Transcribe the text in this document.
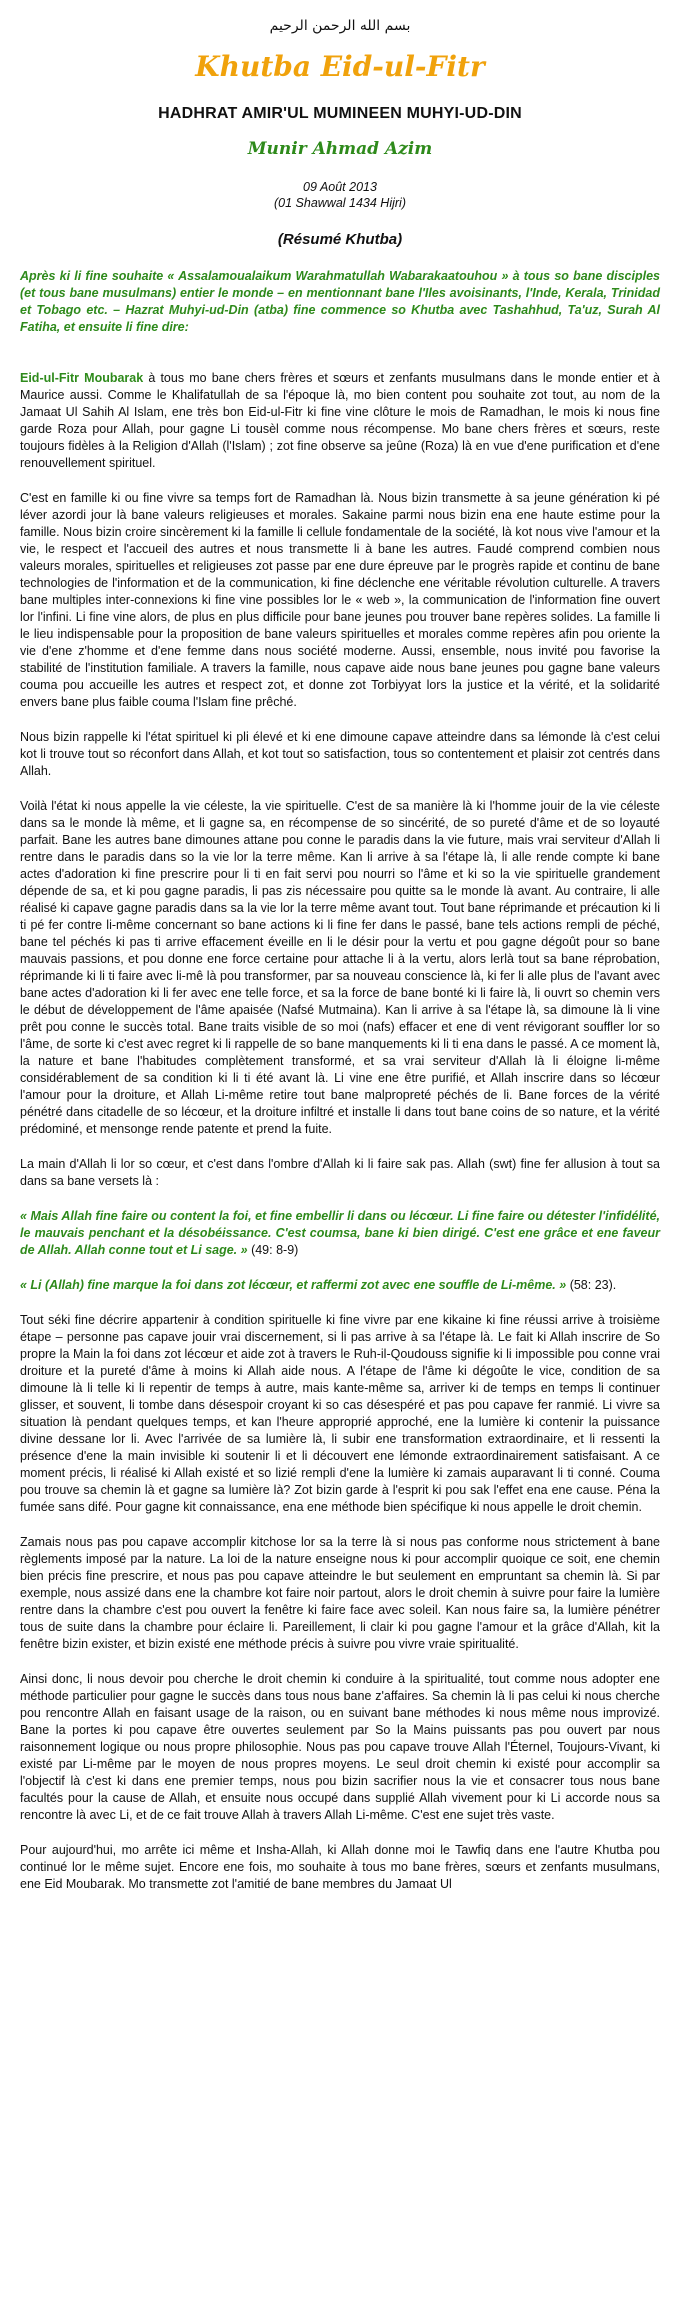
بسم الله الرحمن الرحيم
Khutba Eid-ul-Fitr
HADHRAT AMIR'UL MUMINEEN MUHYI-UD-DIN
Munir Ahmad Azim
09 Août 2013
(01 Shawwal 1434 Hijri)
(Résumé Khutba)
Après ki li fine souhaite « Assalamoualaikum Warahmatullah Wabarakaatouhou » à tous so bane disciples (et tous bane musulmans) entier le monde – en mentionnant bane l'Iles avoisinants, l'Inde, Kerala, Trinidad et Tobago etc. – Hazrat Muhyi-ud-Din (atba) fine commence so Khutba avec Tashahhud, Ta'uz, Surah Al Fatiha, et ensuite li fine dire:
Eid-ul-Fitr Moubarak à tous mo bane chers frères et sœurs et zenfants musulmans dans le monde entier et à Maurice aussi. Comme le Khalifatullah de sa l'époque là, mo bien content pou souhaite zot tout, au nom de la Jamaat Ul Sahih Al Islam, ene très bon Eid-ul-Fitr ki fine vine clôture le mois de Ramadhan, le mois ki nous fine garde Roza pour Allah, pour gagne Li tousèl comme nous récompense. Mo bane chers frères et sœurs, reste toujours fidèles à la Religion d'Allah (l'Islam) ; zot fine observe sa jeûne (Roza) là en vue d'ene purification et d'ene renouvellement spirituel.
C'est en famille ki ou fine vivre sa temps fort de Ramadhan là. Nous bizin transmette à sa jeune génération ki pé léver azordi jour là bane valeurs religieuses et morales. Sakaine parmi nous bizin ena ene haute estime pour la famille. Nous bizin croire sincèrement ki la famille li cellule fondamentale de la société, là kot nous vive l'amour et la vie, le respect et l'accueil des autres et nous transmette li à bane les autres. Faudé comprend combien nous valeurs morales, spirituelles et religieuses zot passe par ene dure épreuve par le progrès rapide et continu de bane technologies de l'information et de la communication, ki fine déclenche ene véritable révolution culturelle. A travers bane multiples inter-connexions ki fine vine possibles lor le « web », la communication de l'information fine ouvert lor l'infini. Li fine vine alors, de plus en plus difficile pour bane jeunes pou trouver bane repères solides. La famille li le lieu indispensable pour la proposition de bane valeurs spirituelles et morales comme repères afin pou oriente la vie d'ene z'homme et d'ene femme dans nous société moderne. Aussi, ensemble, nous invité pou favorise la stabilité de l'institution familiale. A travers la famille, nous capave aide nous bane jeunes pou gagne bane valeurs couma pou accueille les autres et respect zot, et donne zot Torbiyyat lors la justice et la vérité, et la solidarité envers bane plus faible couma l'Islam fine prêché.
Nous bizin rappelle ki l'état spirituel ki pli élevé et ki ene dimoune capave atteindre dans sa lémonde là c'est celui kot li trouve tout so réconfort dans Allah, et kot tout so satisfaction, tous so contentement et plaisir zot centrés dans Allah.
Voilà l'état ki nous appelle la vie céleste, la vie spirituelle. C'est de sa manière là ki l'homme jouir de la vie céleste dans sa le monde là même, et li gagne sa, en récompense de so sincérité, de so pureté d'âme et de so loyauté parfait. Bane les autres bane dimounes attane pou conne le paradis dans la vie future, mais vrai serviteur d'Allah li rentre dans le paradis dans so la vie lor la terre même. Kan li arrive à sa l'étape là, li alle rende compte ki bane actes d'adoration ki fine prescrire pour li ti en fait servi pou nourri so l'âme et ki so la vie spirituelle grandement dépende de sa, et ki pou gagne paradis, li pas zis nécessaire pou quitte sa le monde là avant. Au contraire, li alle réalisé ki capave gagne paradis dans sa la vie lor la terre même avant tout. Tout bane réprimande et précaution ki li ti pé fer contre li-même concernant so bane actions ki li fine fer dans le passé, bane tels actions rempli de péché, bane tel péchés ki pas ti arrive effacement éveille en li le désir pour la vertu et pou gagne dégoût pour so bane mauvais passions, et pou donne ene force certaine pour attache li à la vertu, alors lerlà tout sa bane réprobation, réprimande ki li ti faire avec li-mê là pou transformer, par sa nouveau conscience là, ki fer li alle plus de l'avant avec bane actes d'adoration ki li fer avec ene telle force, et sa la force de bane bonté ki li faire là, li ouvrt so chemin vers le début de développement de l'âme apaisée (Nafsé Mutmaina). Kan li arrive à sa l'étape là, sa dimoune là li vine prêt pou conne le succès total. Bane traits visible de so moi (nafs) effacer et ene di vent révigorant souffler lor so l'âme, de sorte ki c'est avec regret ki li rappelle de so bane manquements ki li ti ena dans le passé. A ce moment là, la nature et bane l'habitudes complètement transformé, et sa vrai serviteur d'Allah là li éloigne li-même considérablement de sa condition ki li ti été avant là. Li vine ene être purifié, et Allah inscrire dans so lécœur l'amour pour la droiture, et Allah Li-même retire tout bane malpropreté péchés de li. Bane forces de la vérité pénétré dans citadelle de so lécœur, et la droiture infiltré et installe li dans tout bane coins de so nature, et la vérité prédominé, et mensonge rende patente et prend la fuite.
La main d'Allah li lor so cœur, et c'est dans l'ombre d'Allah ki li faire sak pas. Allah (swt) fine fer allusion à tout sa dans sa bane versets là :
« Mais Allah fine faire ou content la foi, et fine embellir li dans ou lécœur. Li fine faire ou détester l'infidélité, le mauvais penchant et la désobéissance. C'est coumsa, bane ki bien dirigé. C'est ene grâce et ene faveur de Allah. Allah conne tout et Li sage. » (49: 8-9)
« Li (Allah) fine marque la foi dans zot lécœur, et raffermi zot avec ene souffle de Li-même. » (58: 23).
Tout séki fine décrire appartenir à condition spirituelle ki fine vivre par ene kikaine ki fine réussi arrive à troisième étape – personne pas capave jouir vrai discernement, si li pas arrive à sa l'étape là. Le fait ki Allah inscrire de So propre la Main la foi dans zot lécœur et aide zot à travers le Ruh-il-Qoudouss signifie ki li impossible pou conne vrai droiture et la pureté d'âme à moins ki Allah aide nous. A l'étape de l'âme ki dégoûte le vice, condition de sa dimoune là li telle ki li repentir de temps à autre, mais kante-même sa, arriver ki de temps en temps li continuer glisser, et souvent, li tombe dans désespoir croyant ki so cas désespéré et pas pou capave fer ranmié. Li vivre sa situation là pendant quelques temps, et kan l'heure approprié approché, ene la lumière ki contenir la puissance divine dessane lor li. Avec l'arrivée de sa lumière là, li subir ene transformation extraordinaire, et li ressenti la présence d'ene la main invisible ki soutenir li et li découvert ene lémonde extraordinairement satisfaisant. A ce moment précis, li réalisé ki Allah existé et so lizié rempli d'ene la lumière ki zamais auparavant li ti conné. Couma pou trouve sa chemin là et gagne sa lumière là? Zot bizin garde à l'esprit ki pou sak l'effet ena ene cause. Péna la fumée sans difé. Pour gagne kit connaissance, ena ene méthode bien spécifique ki nous appelle le droit chemin.
Zamais nous pas pou capave accomplir kitchose lor sa la terre là si nous pas conforme nous strictement à bane règlements imposé par la nature. La loi de la nature enseigne nous ki pour accomplir quoique ce soit, ene chemin bien précis fine prescrire, et nous pas pou capave atteindre le but seulement en empruntant sa chemin là. Si par exemple, nous assizé dans ene la chambre kot faire noir partout, alors le droit chemin à suivre pour faire la lumière rentre dans la chambre c'est pou ouvert la fenêtre ki faire face avec soleil. Kan nous faire sa, la lumière pénétrer tous de suite dans la chambre pour éclaire li. Pareillement, li clair ki pou gagne l'amour et la grâce d'Allah, kit la fenêtre bizin exister, et bizin existé ene méthode précis à suivre pou vivre vraie spiritualité.
Ainsi donc, li nous devoir pou cherche le droit chemin ki conduire à la spiritualité, tout comme nous adopter ene méthode particulier pour gagne le succès dans tous nous bane z'affaires. Sa chemin là li pas celui ki nous cherche pou rencontre Allah en faisant usage de la raison, ou en suivant bane méthodes ki nous même nous improvizé. Bane la portes ki pou capave être ouvertes seulement par So la Mains puissants pas pou ouvert par nous raisonnement logique ou nous propre philosophie. Nous pas pou capave trouve Allah l'Éternel, Toujours-Vivant, ki existé par Li-même par le moyen de nous propres moyens. Le seul droit chemin ki existé pour accomplir sa l'objectif là c'est ki dans ene premier temps, nous pou bizin sacrifier nous la vie et consacrer tous nous bane facultés pour la cause de Allah, et ensuite nous occupé dans supplié Allah vivement pour ki Li accorde nous sa rencontre là avec Li, et de ce fait trouve Allah à travers Allah Li-même. C'est ene sujet très vaste.
Pour aujourd'hui, mo arrête ici même et Insha-Allah, ki Allah donne moi le Tawfiq dans ene l'autre Khutba pou continué lor le même sujet. Encore ene fois, mo souhaite à tous mo bane frères, sœurs et zenfants musulmans, ene Eid Moubarak. Mo transmette zot l'amitié de bane membres du Jamaat Ul
